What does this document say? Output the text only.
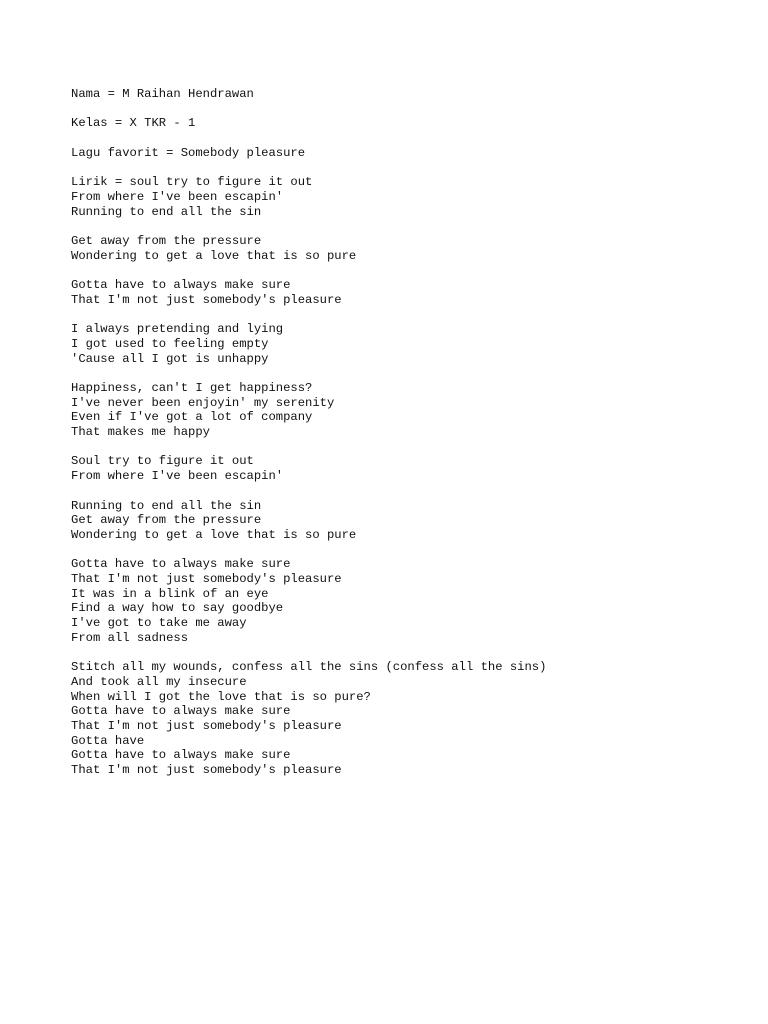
Nama = M Raihan Hendrawan
Kelas = X TKR - 1
Lagu favorit = Somebody pleasure
Lirik = soul try to figure it out
From where I've been escapin'
Running to end all the sin
Get away from the pressure
Wondering to get a love that is so pure
Gotta have to always make sure
That I'm not just somebody's pleasure
I always pretending and lying
I got used to feeling empty
'Cause all I got is unhappy
Happiness, can't I get happiness?
I've never been enjoyin' my serenity
Even if I've got a lot of company
That makes me happy
Soul try to figure it out
From where I've been escapin'
Running to end all the sin
Get away from the pressure
Wondering to get a love that is so pure
Gotta have to always make sure
That I'm not just somebody's pleasure
It was in a blink of an eye
Find a way how to say goodbye
I've got to take me away
From all sadness
Stitch all my wounds, confess all the sins (confess all the sins)
And took all my insecure
When will I got the love that is so pure?
Gotta have to always make sure
That I'm not just somebody's pleasure
Gotta have
Gotta have to always make sure
That I'm not just somebody's pleasure
